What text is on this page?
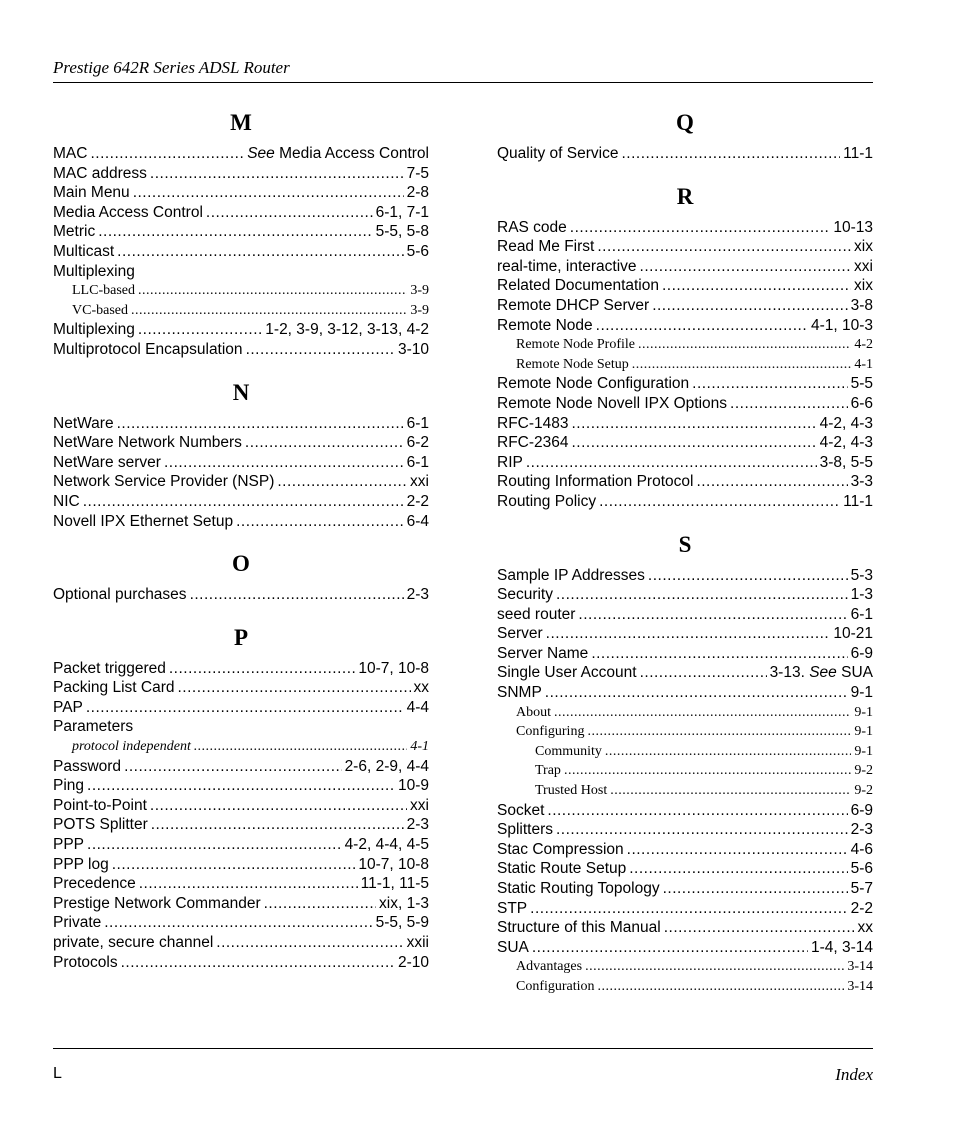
Prestige 642R Series ADSL Router
M
MAC .....	See Media Access Control
MAC address .....	7-5
Main Menu .....	2-8
Media Access Control .....	6-1, 7-1
Metric .....	5-5, 5-8
Multicast .....	5-6
Multiplexing
LLC-based .....	3-9
VC-based .....	3-9
Multiplexing .....	1-2, 3-9, 3-12, 3-13, 4-2
Multiprotocol Encapsulation .....	3-10
N
NetWare .....	6-1
NetWare Network Numbers .....	6-2
NetWare server .....	6-1
Network Service Provider (NSP) .....	xxi
NIC .....	2-2
Novell IPX Ethernet Setup .....	6-4
O
Optional purchases .....	2-3
P
Packet triggered .....	10-7, 10-8
Packing List Card .....	xx
PAP .....	4-4
Parameters
protocol independent .....	4-1
Password .....	2-6, 2-9, 4-4
Ping .....	10-9
Point-to-Point .....	xxi
POTS Splitter .....	2-3
PPP .....	4-2, 4-4, 4-5
PPP log .....	10-7, 10-8
Precedence .....	11-1, 11-5
Prestige Network Commander .....	xix, 1-3
Private .....	5-5, 5-9
private, secure channel .....	xxii
Protocols .....	2-10
Q
Quality of Service .....	11-1
R
RAS code .....	10-13
Read Me First .....	xix
real-time, interactive .....	xxi
Related Documentation .....	xix
Remote DHCP Server .....	3-8
Remote Node .....	4-1, 10-3
Remote Node Profile .....	4-2
Remote Node Setup .....	4-1
Remote Node Configuration .....	5-5
Remote Node Novell IPX Options .....	6-6
RFC-1483 .....	4-2, 4-3
RFC-2364 .....	4-2, 4-3
RIP .....	3-8, 5-5
Routing Information Protocol .....	3-3
Routing Policy .....	11-1
S
Sample IP Addresses .....	5-3
Security .....	1-3
seed router .....	6-1
Server .....	10-21
Server Name .....	6-9
Single User Account .....	3-13. See SUA
SNMP .....	9-1
About .....	9-1
Configuring .....	9-1
Community .....	9-1
Trap .....	9-2
Trusted Host .....	9-2
Socket .....	6-9
Splitters .....	2-3
Stac Compression .....	4-6
Static Route Setup .....	5-6
Static Routing Topology .....	5-7
STP .....	2-2
Structure of this Manual .....	xx
SUA .....	1-4, 3-14
Advantages .....	3-14
Configuration .....	3-14
L	Index
